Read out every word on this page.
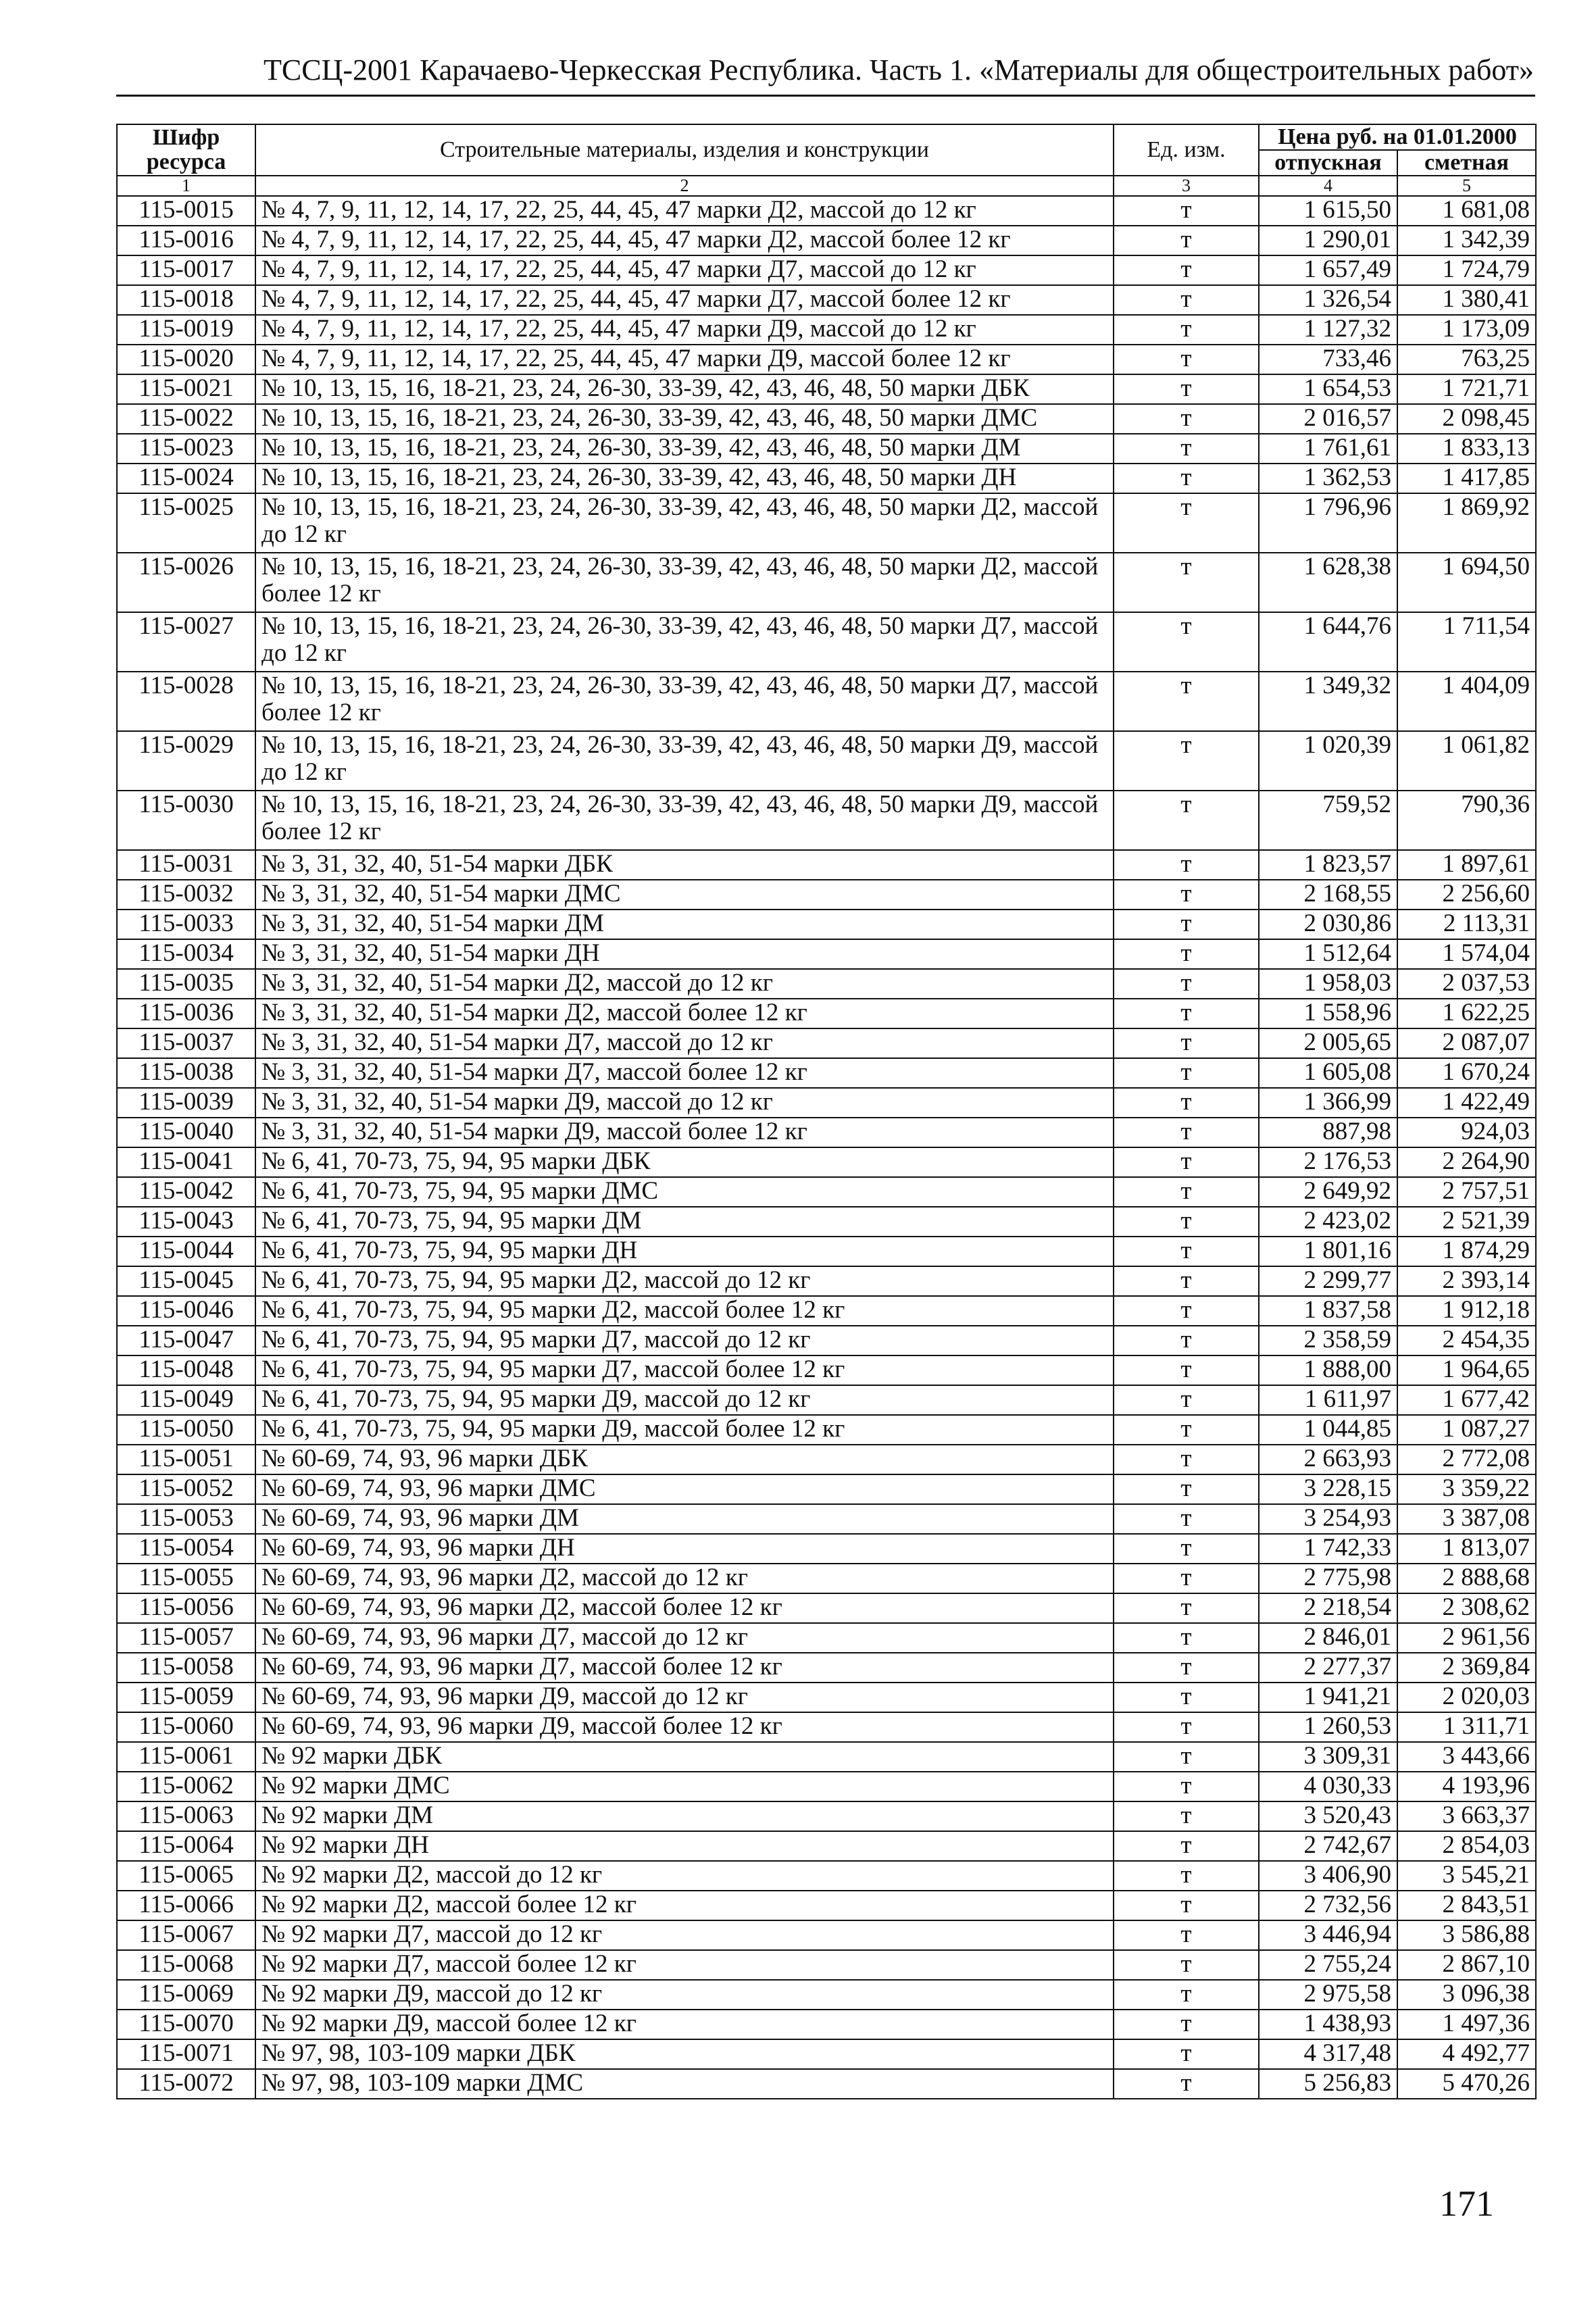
ТССЦ-2001 Карачаево-Черкесская Республика. Часть 1. «Материалы для общестроительных работ»
Шифр ресурса	Строительные материалы, изделия и конструкции	Ед. изм.	Цена руб. на 01.01.2000	
			отпускная	сметная
1	2	3	4	5
115-0015	№ 4, 7, 9, 11, 12, 14, 17, 22, 25, 44, 45, 47 марки Д2, массой до 12 кг	т	1 615,50	1 681,08
115-0016	№ 4, 7, 9, 11, 12, 14, 17, 22, 25, 44, 45, 47 марки Д2, массой более 12 кг	т	1 290,01	1 342,39
115-0017	№ 4, 7, 9, 11, 12, 14, 17, 22, 25, 44, 45, 47 марки Д7, массой до 12 кг	т	1 657,49	1 724,79
115-0018	№ 4, 7, 9, 11, 12, 14, 17, 22, 25, 44, 45, 47 марки Д7, массой более 12 кг	т	1 326,54	1 380,41
115-0019	№ 4, 7, 9, 11, 12, 14, 17, 22, 25, 44, 45, 47 марки Д9, массой до 12 кг	т	1 127,32	1 173,09
115-0020	№ 4, 7, 9, 11, 12, 14, 17, 22, 25, 44, 45, 47 марки Д9, массой более 12 кг	т	733,46	763,25
115-0021	№ 10, 13, 15, 16, 18-21, 23, 24, 26-30, 33-39, 42, 43, 46, 48, 50 марки ДБК	т	1 654,53	1 721,71
115-0022	№ 10, 13, 15, 16, 18-21, 23, 24, 26-30, 33-39, 42, 43, 46, 48, 50 марки ДМС	т	2 016,57	2 098,45
115-0023	№ 10, 13, 15, 16, 18-21, 23, 24, 26-30, 33-39, 42, 43, 46, 48, 50 марки ДМ	т	1 761,61	1 833,13
115-0024	№ 10, 13, 15, 16, 18-21, 23, 24, 26-30, 33-39, 42, 43, 46, 48, 50 марки ДН	т	1 362,53	1 417,85
115-0025	№ 10, 13, 15, 16, 18-21, 23, 24, 26-30, 33-39, 42, 43, 46, 48, 50 марки Д2, массой до 12 кг	т	1 796,96	1 869,92
115-0026	№ 10, 13, 15, 16, 18-21, 23, 24, 26-30, 33-39, 42, 43, 46, 48, 50 марки Д2, массой более 12 кг	т	1 628,38	1 694,50
115-0027	№ 10, 13, 15, 16, 18-21, 23, 24, 26-30, 33-39, 42, 43, 46, 48, 50 марки Д7, массой до 12 кг	т	1 644,76	1 711,54
115-0028	№ 10, 13, 15, 16, 18-21, 23, 24, 26-30, 33-39, 42, 43, 46, 48, 50 марки Д7, массой более 12 кг	т	1 349,32	1 404,09
115-0029	№ 10, 13, 15, 16, 18-21, 23, 24, 26-30, 33-39, 42, 43, 46, 48, 50 марки Д9, массой до 12 кг	т	1 020,39	1 061,82
115-0030	№ 10, 13, 15, 16, 18-21, 23, 24, 26-30, 33-39, 42, 43, 46, 48, 50 марки Д9, массой более 12 кг	т	759,52	790,36
115-0031	№ 3, 31, 32, 40, 51-54 марки ДБК	т	1 823,57	1 897,61
115-0032	№ 3, 31, 32, 40, 51-54 марки ДМС	т	2 168,55	2 256,60
115-0033	№ 3, 31, 32, 40, 51-54 марки ДМ	т	2 030,86	2 113,31
115-0034	№ 3, 31, 32, 40, 51-54 марки ДН	т	1 512,64	1 574,04
115-0035	№ 3, 31, 32, 40, 51-54 марки Д2, массой до 12 кг	т	1 958,03	2 037,53
115-0036	№ 3, 31, 32, 40, 51-54 марки Д2, массой более 12 кг	т	1 558,96	1 622,25
115-0037	№ 3, 31, 32, 40, 51-54 марки Д7, массой до 12 кг	т	2 005,65	2 087,07
115-0038	№ 3, 31, 32, 40, 51-54 марки Д7, массой более 12 кг	т	1 605,08	1 670,24
115-0039	№ 3, 31, 32, 40, 51-54 марки Д9, массой до 12 кг	т	1 366,99	1 422,49
115-0040	№ 3, 31, 32, 40, 51-54 марки Д9, массой более 12 кг	т	887,98	924,03
115-0041	№ 6, 41, 70-73, 75, 94, 95 марки ДБК	т	2 176,53	2 264,90
115-0042	№ 6, 41, 70-73, 75, 94, 95 марки ДМС	т	2 649,92	2 757,51
115-0043	№ 6, 41, 70-73, 75, 94, 95 марки ДМ	т	2 423,02	2 521,39
115-0044	№ 6, 41, 70-73, 75, 94, 95 марки ДН	т	1 801,16	1 874,29
115-0045	№ 6, 41, 70-73, 75, 94, 95 марки Д2, массой до 12 кг	т	2 299,77	2 393,14
115-0046	№ 6, 41, 70-73, 75, 94, 95 марки Д2, массой более 12 кг	т	1 837,58	1 912,18
115-0047	№ 6, 41, 70-73, 75, 94, 95 марки Д7, массой до 12 кг	т	2 358,59	2 454,35
115-0048	№ 6, 41, 70-73, 75, 94, 95 марки Д7, массой более 12 кг	т	1 888,00	1 964,65
115-0049	№ 6, 41, 70-73, 75, 94, 95 марки Д9, массой до 12 кг	т	1 611,97	1 677,42
115-0050	№ 6, 41, 70-73, 75, 94, 95 марки Д9, массой более 12 кг	т	1 044,85	1 087,27
115-0051	№ 60-69, 74, 93, 96 марки ДБК	т	2 663,93	2 772,08
115-0052	№ 60-69, 74, 93, 96 марки ДМС	т	3 228,15	3 359,22
115-0053	№ 60-69, 74, 93, 96 марки ДМ	т	3 254,93	3 387,08
115-0054	№ 60-69, 74, 93, 96 марки ДН	т	1 742,33	1 813,07
115-0055	№ 60-69, 74, 93, 96 марки Д2, массой до 12 кг	т	2 775,98	2 888,68
115-0056	№ 60-69, 74, 93, 96 марки Д2, массой более 12 кг	т	2 218,54	2 308,62
115-0057	№ 60-69, 74, 93, 96 марки Д7, массой до 12 кг	т	2 846,01	2 961,56
115-0058	№ 60-69, 74, 93, 96 марки Д7, массой более 12 кг	т	2 277,37	2 369,84
115-0059	№ 60-69, 74, 93, 96 марки Д9, массой до 12 кг	т	1 941,21	2 020,03
115-0060	№ 60-69, 74, 93, 96 марки Д9, массой более 12 кг	т	1 260,53	1 311,71
115-0061	№ 92 марки ДБК	т	3 309,31	3 443,66
115-0062	№ 92 марки ДМС	т	4 030,33	4 193,96
115-0063	№ 92 марки ДМ	т	3 520,43	3 663,37
115-0064	№ 92 марки ДН	т	2 742,67	2 854,03
115-0065	№ 92 марки Д2, массой до 12 кг	т	3 406,90	3 545,21
115-0066	№ 92 марки Д2, массой более 12 кг	т	2 732,56	2 843,51
115-0067	№ 92 марки Д7, массой до 12 кг	т	3 446,94	3 586,88
115-0068	№ 92 марки Д7, массой более 12 кг	т	2 755,24	2 867,10
115-0069	№ 92 марки Д9, массой до 12 кг	т	2 975,58	3 096,38
115-0070	№ 92 марки Д9, массой более 12 кг	т	1 438,93	1 497,36
115-0071	№ 97, 98, 103-109 марки ДБК	т	4 317,48	4 492,77
115-0072	№ 97, 98, 103-109 марки ДМС	т	5 256,83	5 470,26
171
